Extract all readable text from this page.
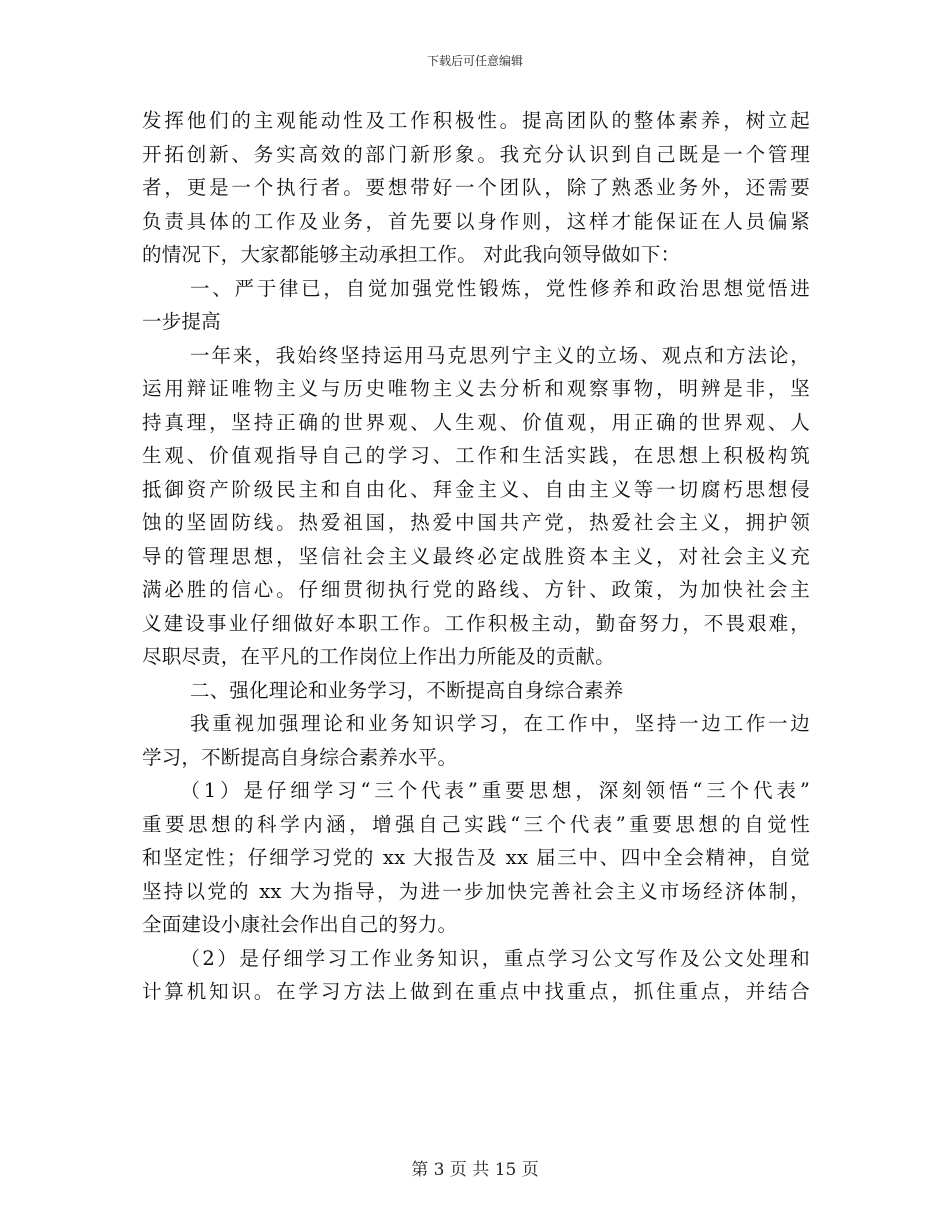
下载后可任意编辑
发挥他们的主观能动性及工作积极性。提高团队的整体素养，树立起
开拓创新、务实高效的部门新形象。我充分认识到自己既是一个管理
者，更是一个执行者。要想带好一个团队，除了熟悉业务外，还需要
负责具体的工作及业务，首先要以身作则，这样才能保证在人员偏紧
的情况下，大家都能够主动承担工作。 对此我向领导做如下：
一、严于律已，自觉加强党性锻炼，党性修养和政治思想觉悟进
一步提高
一年来，我始终坚持运用马克思列宁主义的立场、观点和方法论，
运用辩证唯物主义与历史唯物主义去分析和观察事物，明辨是非，坚
持真理，坚持正确的世界观、人生观、价值观，用正确的世界观、人
生观、价值观指导自己的学习、工作和生活实践，在思想上积极构筑
抵御资产阶级民主和自由化、拜金主义、自由主义等一切腐朽思想侵
蚀的坚固防线。热爱祖国，热爱中国共产党，热爱社会主义，拥护领
导的管理思想，坚信社会主义最终必定战胜资本主义，对社会主义充
满必胜的信心。仔细贯彻执行党的路线、方针、政策，为加快社会主
义建设事业仔细做好本职工作。工作积极主动，勤奋努力，不畏艰难，
尽职尽责，在平凡的工作岗位上作出力所能及的贡献。
二、强化理论和业务学习，不断提高自身综合素养
我重视加强理论和业务知识学习，在工作中，坚持一边工作一边
学习，不断提高自身综合素养水平。
（1）是仔细学习“三个代表”重要思想，深刻领悟“三个代表”
重要思想的科学内涵，增强自己实践“三个代表”重要思想的自觉性
和坚定性；仔细学习党的 xx 大报告及 xx 届三中、四中全会精神，自觉
坚持以党的 xx 大为指导，为进一步加快完善社会主义市场经济体制，
全面建设小康社会作出自己的努力。
（2）是仔细学习工作业务知识，重点学习公文写作及公文处理和
计算机知识。在学习方法上做到在重点中找重点，抓住重点，并结合
第 3 页 共 15 页
